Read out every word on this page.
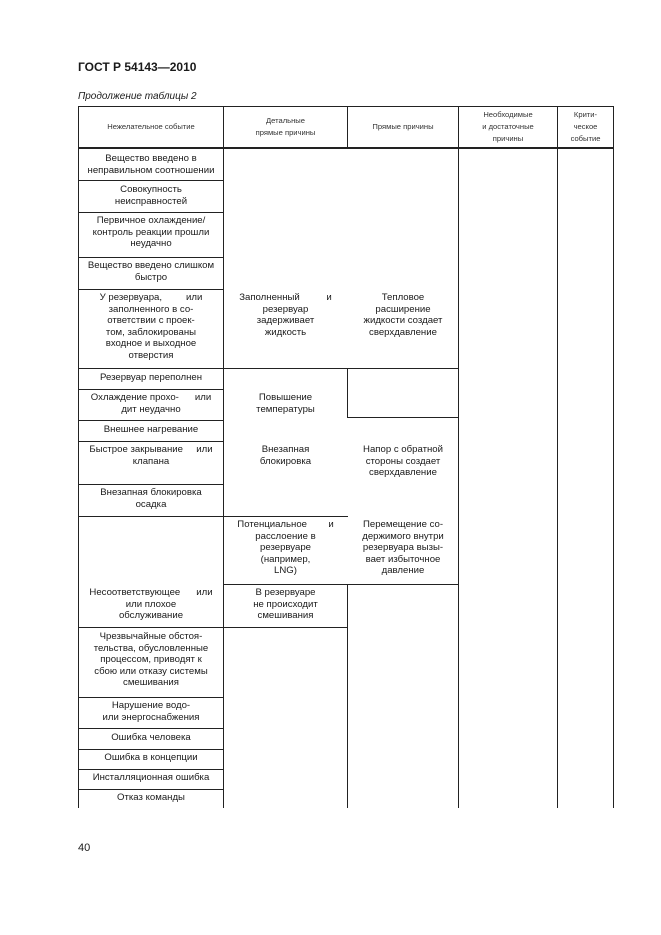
ГОСТ Р 54143—2010
Продолжение таблицы 2
Нежелательное событие
Детальные
прямые причины
Прямые причины
Необходимые
и достаточные
причины
Крити-
ческое
событие
Вещество введено в
неправильном соотношении
Совокупность
неисправностей
Первичное охлаждение/
контроль реакции прошли
неудачно
Вещество введено слишком
быстро
У резервуара,         или
заполненного в со-
ответствии с проек-
том, заблокированы
входное и выходное
отверстия
Резервуар переполнен
Охлаждение прохо-      или
дит неудачно
Внешнее нагревание
Быстрое закрывание     или
клапана
Внезапная блокировка
осадка
Несоответствующее      или
или плохое
обслуживание
Чрезвычайные обстоя-
тельства, обусловленные
процессом, приводят к
сбою или отказу системы
смешивания
Нарушение водо-
или энергоснабжения
Ошибка человека
Ошибка в концепции
Инсталляционная ошибка
Отказ команды
Заполненный          и
резервуар
задерживает
жидкость
Повышение
температуры
Внезапная
блокировка
Потенциальное        и
расслоение в
резервуаре
(например,
LNG)
В резервуаре
не происходит
смешивания
Тепловое
расширение
жидкости создает
сверхдавление
Напор с обратной
стороны создает
сверхдавление
Перемещение со-
держимого внутри
резервуара вызы-
вает избыточное
давление
40
